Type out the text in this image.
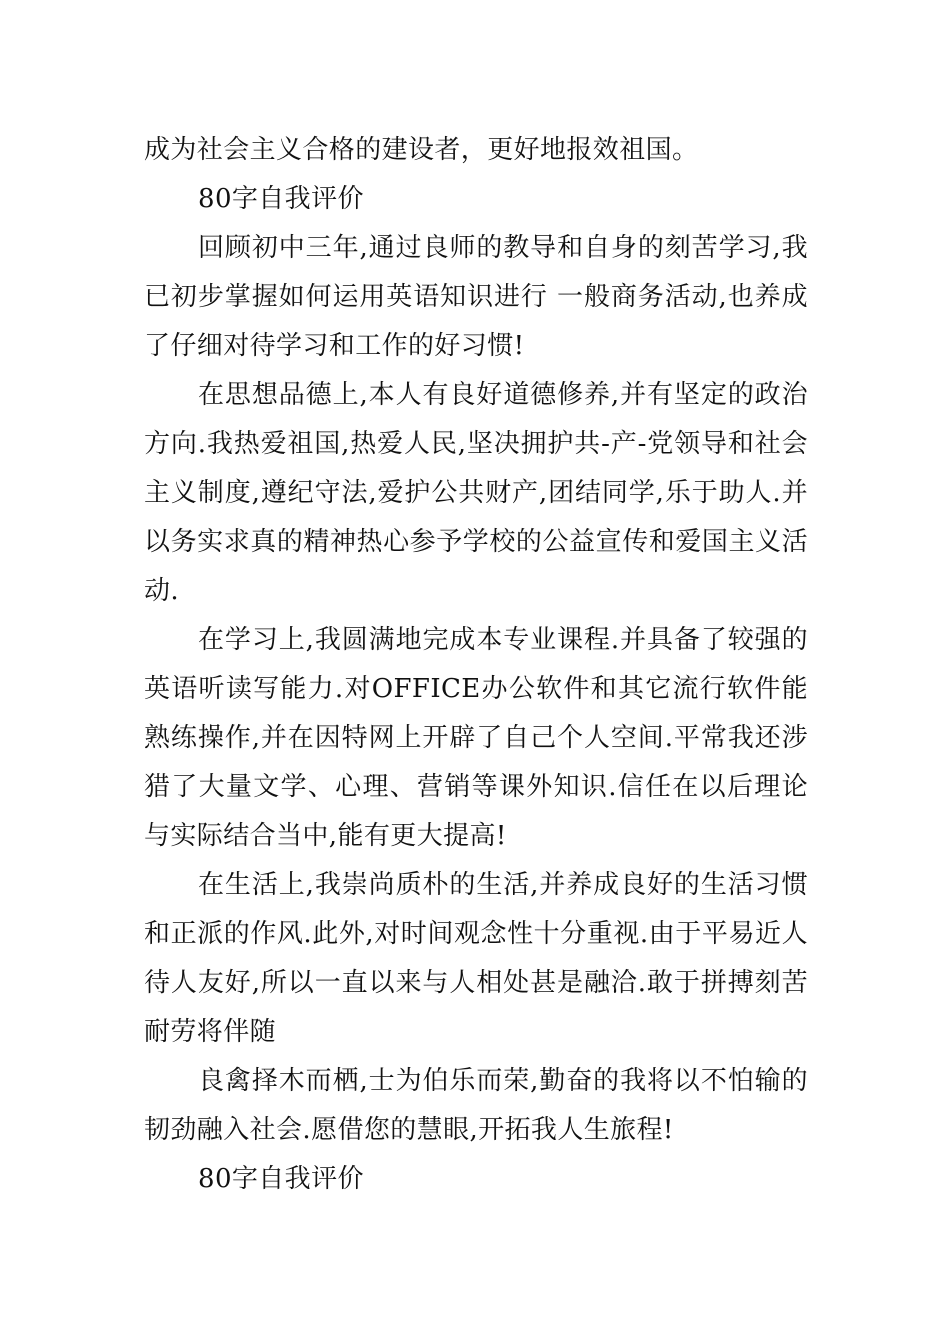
成为社会主义合格的建设者，更好地报效祖国。

80字自我评价

回顾初中三年,通过良师的教导和自身的刻苦学习,我已初步掌握如何运用英语知识进行 一般商务活动,也养成了仔细对待学习和工作的好习惯!

在思想品德上,本人有良好道德修养,并有坚定的政治方向.我热爱祖国,热爱人民,坚决拥护共-产-党领导和社会主义制度,遵纪守法,爱护公共财产,团结同学,乐于助人.并以务实求真的精神热心参予学校的公益宣传和爱国主义活动.

在学习上,我圆满地完成本专业课程.并具备了较强的英语听读写能力.对OFFICE办公软件和其它流行软件能熟练操作,并在因特网上开辟了自己个人空间.平常我还涉猎了大量文学、心理、营销等课外知识.信任在以后理论与实际结合当中,能有更大提高!

在生活上,我崇尚质朴的生活,并养成良好的生活习惯和正派的作风.此外,对时间观念性十分重视.由于平易近人待人友好,所以一直以来与人相处甚是融洽.敢于拼搏刻苦耐劳将伴随

良禽择木而栖,士为伯乐而荣,勤奋的我将以不怕输的韧劲融入社会.愿借您的慧眼,开拓我人生旅程!

80字自我评价
